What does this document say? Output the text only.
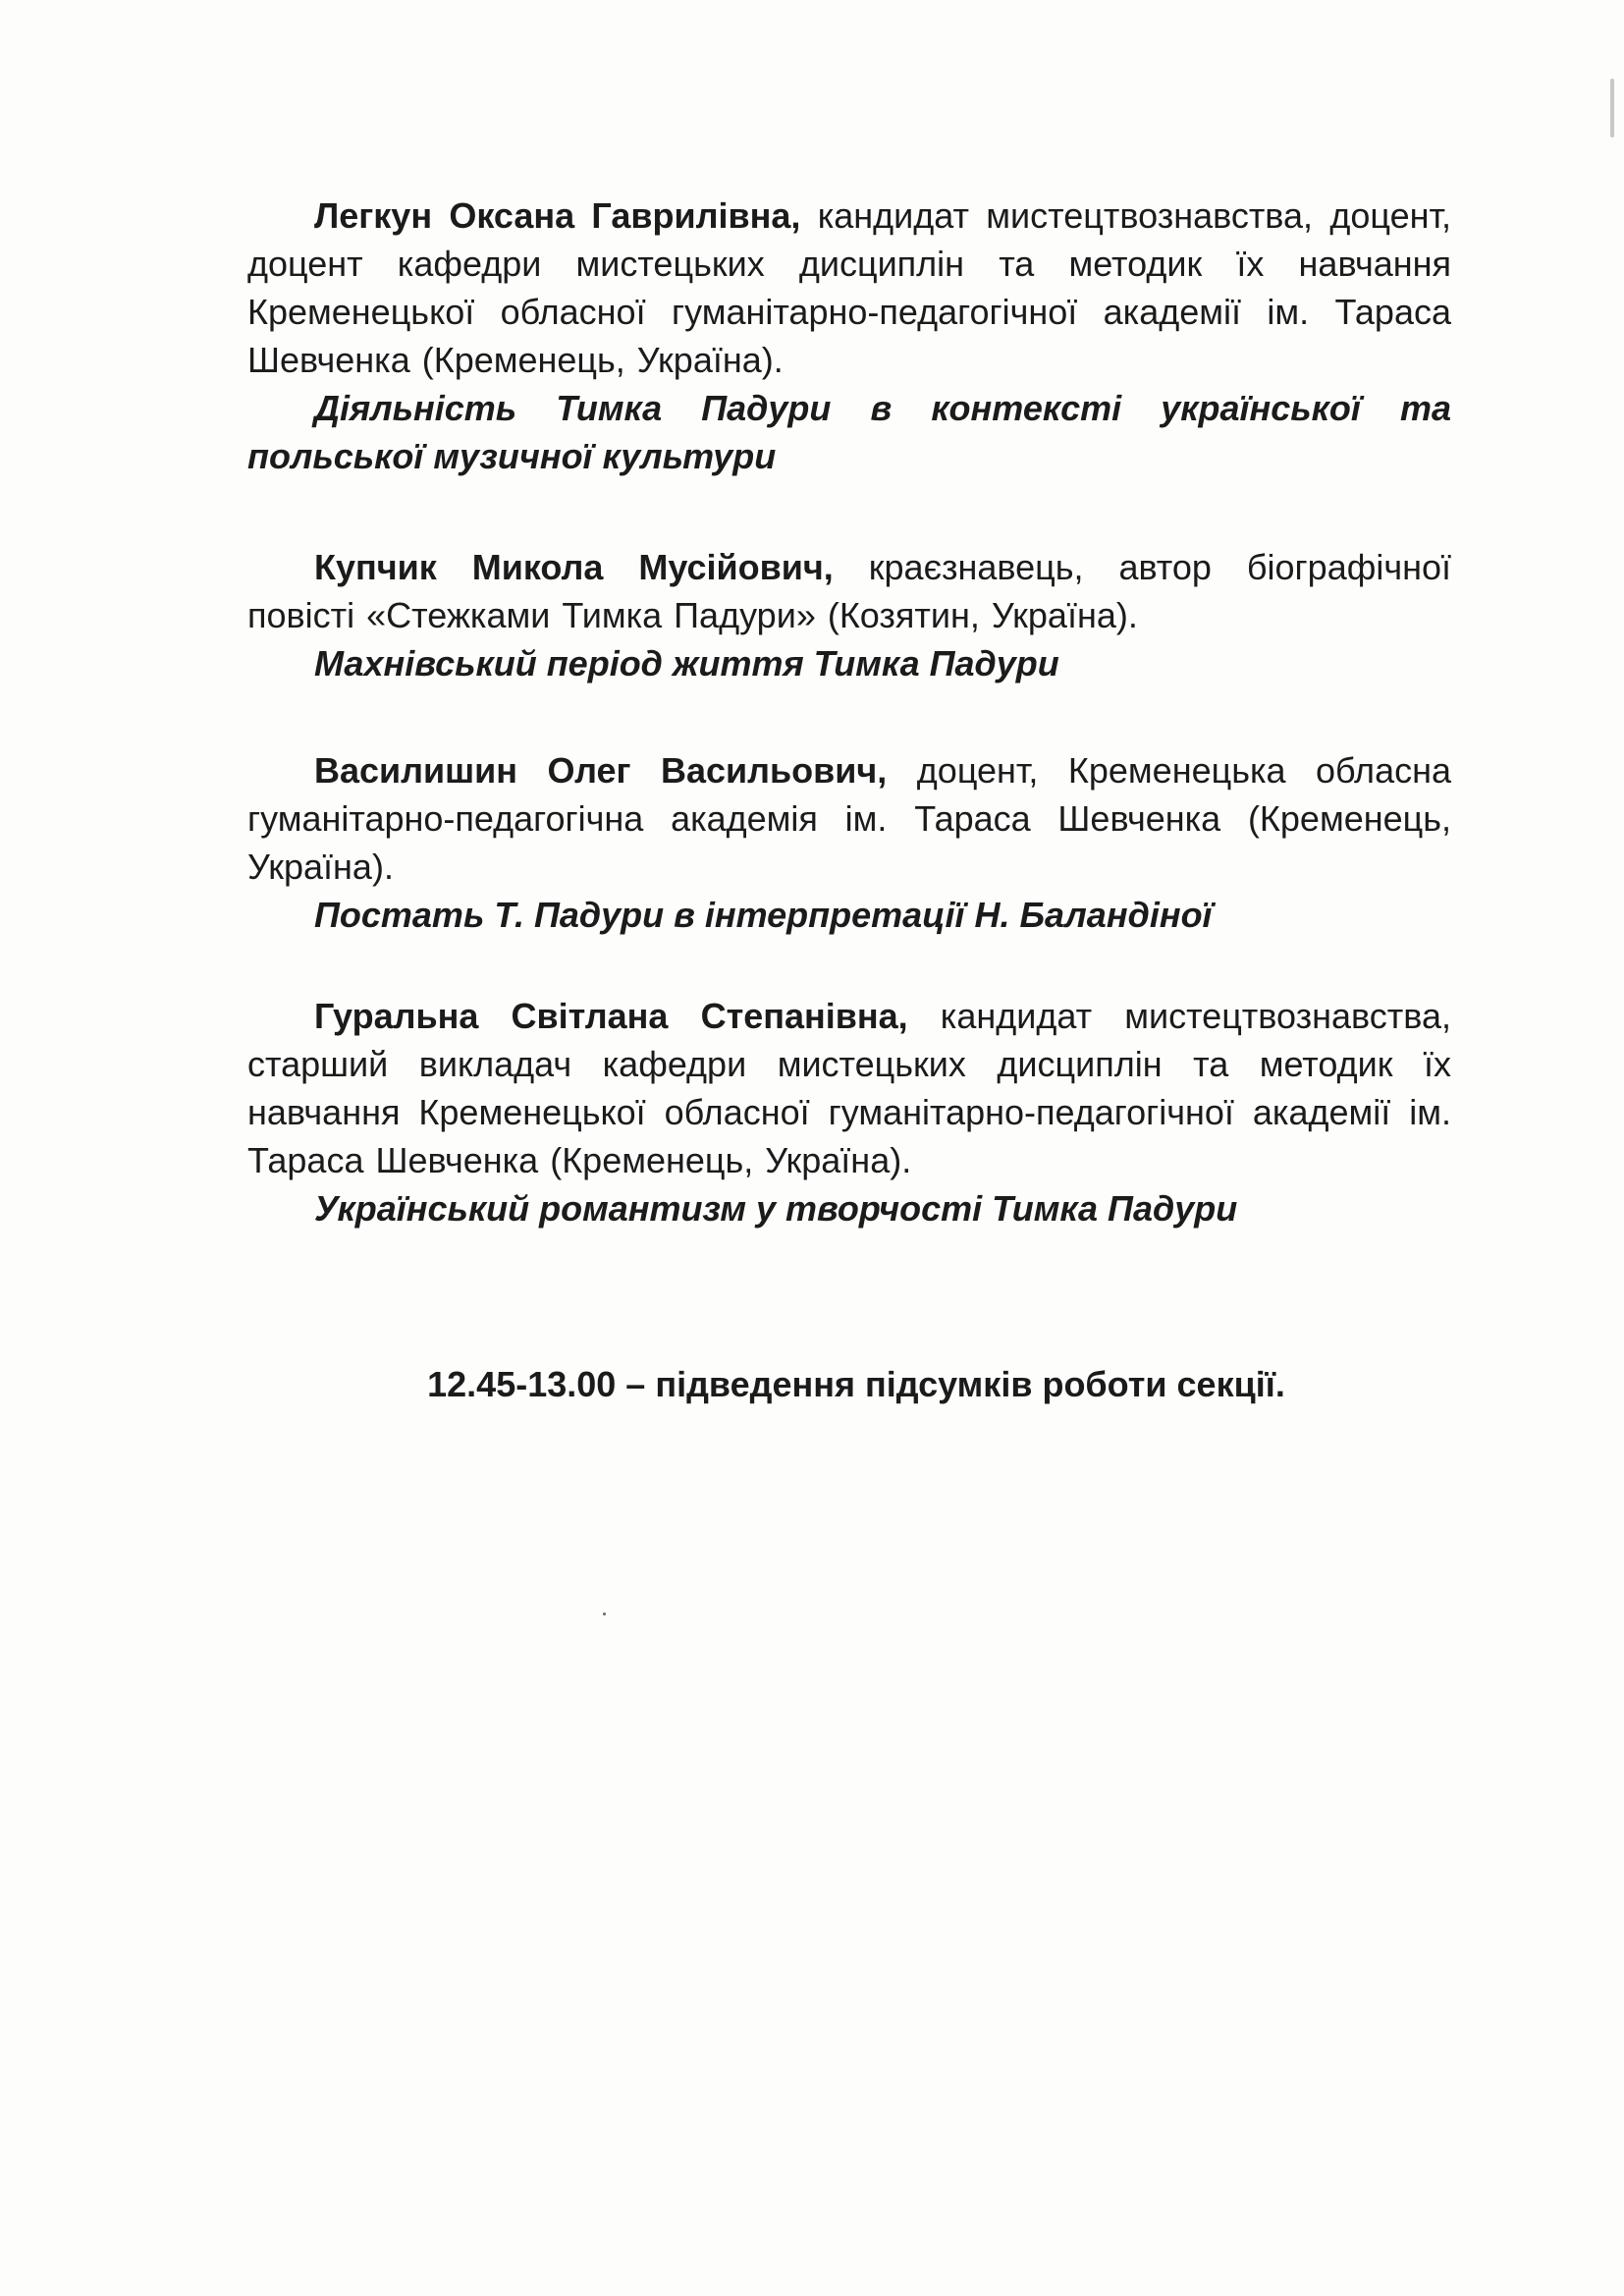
Легкун Оксана Гаврилівна, кандидат мистецтвознавства, доцент, доцент кафедри мистецьких дисциплін та методик їх навчання Кременецької обласної гуманітарно-педагогічної академії ім. Тараса Шевченка (Кременець, Україна).

Діяльність Тимка Падури в контексті української та польської музичної культури

Купчик Микола Мусійович, краєзнавець, автор біографічної повісті «Стежками Тимка Падури» (Козятин, Україна).

Махнівський період життя Тимка Падури

Василишин Олег Васильович, доцент, Кременецька обласна гуманітарно-педагогічна академія ім. Тараса Шевченка (Кременець, Україна).

Постать Т. Падури в інтерпретації Н. Баландіної

Гуральна Світлана Степанівна, кандидат мистецтвознавства, старший викладач кафедри мистецьких дисциплін та методик їх навчання Кременецької обласної гуманітарно-педагогічної академії ім. Тараса Шевченка (Кременець, Україна).

Український романтизм у творчості Тимка Падури

12.45-13.00 – підведення підсумків роботи секції.
